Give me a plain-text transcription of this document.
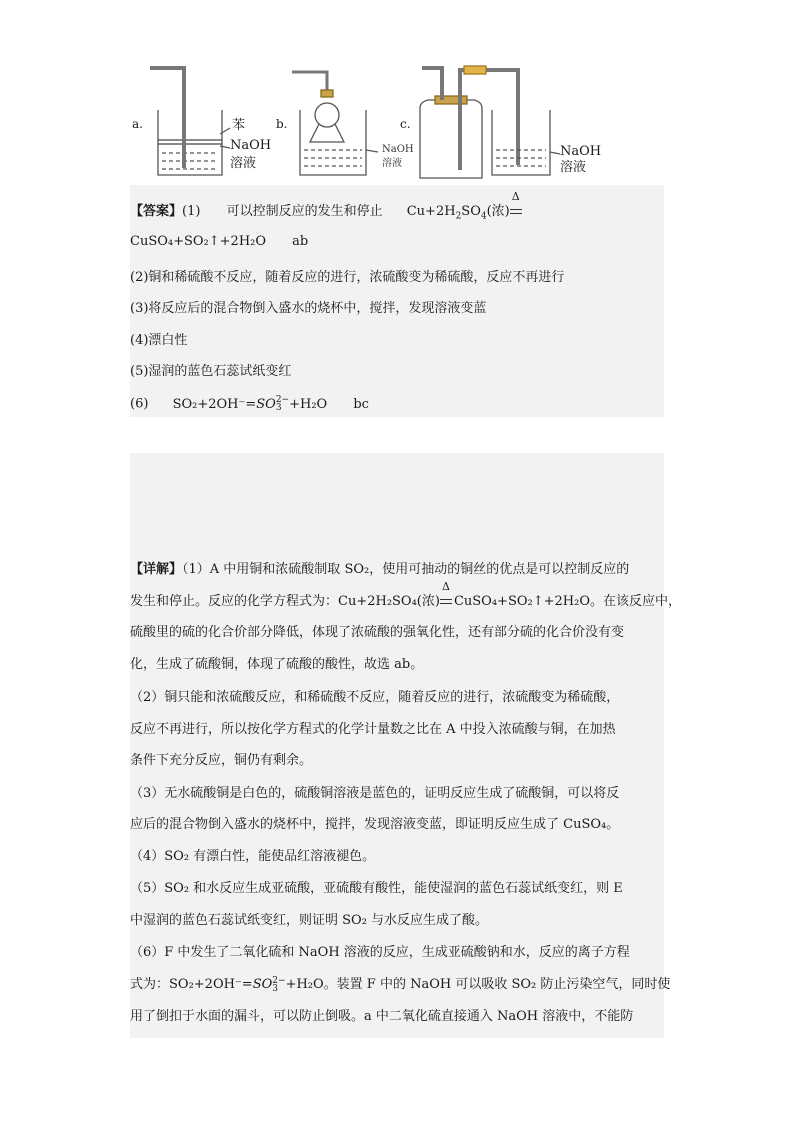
a.	苯
NaOH
溶液
b.
NaOH
溶液
c.
NaOH
溶液
【答案】(1) 可以控制反应的发生和停止 $Cu+2H_2SO_4$(浓)
Δ
CuSO₄+SO₂↑+2H₂O ab
(2)铜和稀硫酸不反应，随着反应的进行，浓硫酸变为稀硫酸，反应不再进行
(3)将反应后的混合物倒入盛水的烧杯中，搅拌，发现溶液变蓝
(4)漂白性
(5)湿润的蓝色石蕊试纸变红
(6) SO₂+2OH⁻=SO 2−
3 +H₂O bc
【详解】（1）A 中用铜和浓硫酸制取 SO₂，使用可抽动的铜丝的优点是可以控制反应的
发生和停止。反应的化学方程式为：Cu+2H₂SO₄(浓)
Δ
CuSO₄+SO₂↑+2H₂O。在该反应中，
硫酸里的硫的化合价部分降低，体现了浓硫酸的强氧化性，还有部分硫的化合价没有变
化，生成了硫酸铜，体现了硫酸的酸性，故选 ab。
（2）铜只能和浓硫酸反应，和稀硫酸不反应，随着反应的进行，浓硫酸变为稀硫酸，
反应不再进行，所以按化学方程式的化学计量数之比在 A 中投入浓硫酸与铜，在加热
条件下充分反应，铜仍有剩余。
（3）无水硫酸铜是白色的，硫酸铜溶液是蓝色的，证明反应生成了硫酸铜，可以将反
应后的混合物倒入盛水的烧杯中，搅拌，发现溶液变蓝，即证明反应生成了 CuSO₄。
（4）SO₂ 有漂白性，能使品红溶液褪色。
（5）SO₂ 和水反应生成亚硫酸，亚硫酸有酸性，能使湿润的蓝色石蕊试纸变红，则 E
中湿润的蓝色石蕊试纸变红，则证明 SO₂ 与水反应生成了酸。
（6）F 中发生了二氧化硫和 NaOH 溶液的反应，生成亚硫酸钠和水，反应的离子方程
式为：SO₂+2OH⁻=SO 2−
3 +H₂O。装置 F 中的 NaOH 可以吸收 SO₂ 防止污染空气，同时使
用了倒扣于水面的漏斗，可以防止倒吸。a 中二氧化硫直接通入 NaOH 溶液中，不能防
